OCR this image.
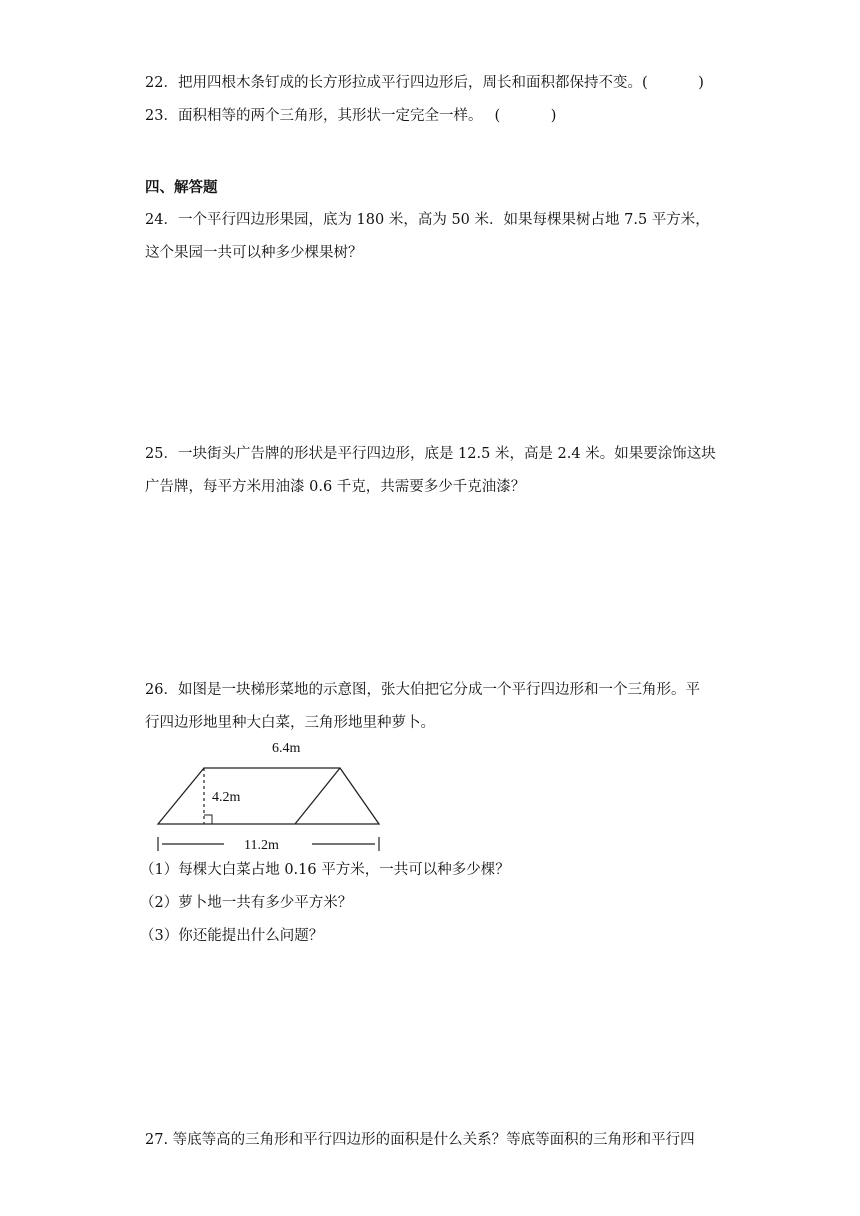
22．把用四根木条钉成的长方形拉成平行四边形后，周长和面积都保持不变。(	)

23．面积相等的两个三角形，其形状一定完全一样。 (	)

四、解答题

24．一个平行四边形果园，底为 180 米，高为 50 米．如果每棵果树占地 7.5 平方米，

这个果园一共可以种多少棵果树？

25．一块街头广告牌的形状是平行四边形，底是 12.5 米，高是 2.4 米。如果要涂饰这块

广告牌，每平方米用油漆 0.6 千克，共需要多少千克油漆？

26．如图是一块梯形菜地的示意图，张大伯把它分成一个平行四边形和一个三角形。平

行四边形地里种大白菜，三角形地里种萝卜。

6.4m
4.2m
11.2m

（1）每棵大白菜占地 0.16 平方米，一共可以种多少棵？

（2）萝卜地一共有多少平方米？

（3）你还能提出什么问题？

27. 等底等高的三角形和平行四边形的面积是什么关系？等底等面积的三角形和平行四
